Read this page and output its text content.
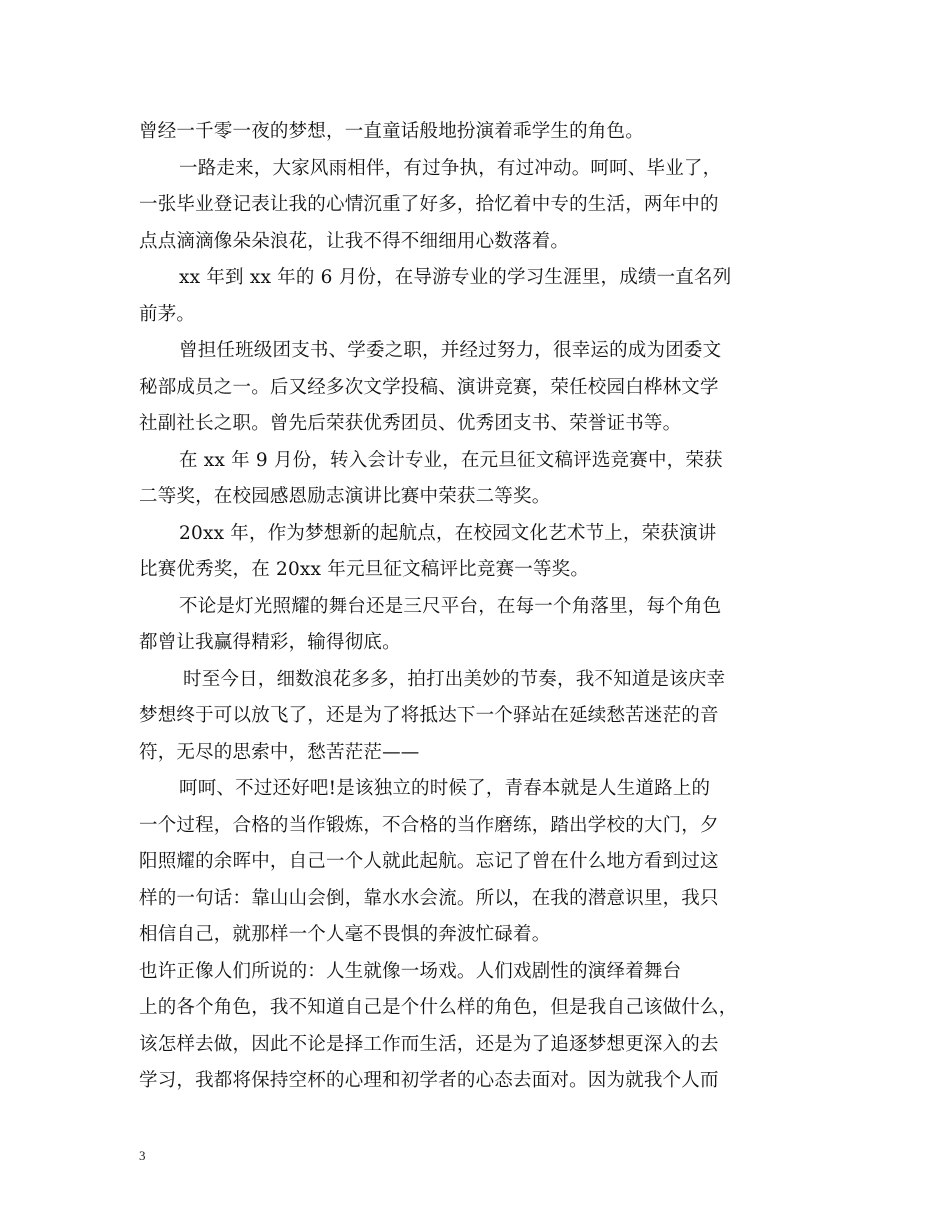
曾经一千零一夜的梦想，一直童话般地扮演着乖学生的角色。
一路走来，大家风雨相伴，有过争执，有过冲动。呵呵、毕业了，
一张毕业登记表让我的心情沉重了好多，拾忆着中专的生活，两年中的
点点滴滴像朵朵浪花，让我不得不细细用心数落着。
xx 年到 xx 年的 6 月份，在导游专业的学习生涯里，成绩一直名列
前茅。
曾担任班级团支书、学委之职，并经过努力，很幸运的成为团委文
秘部成员之一。后又经多次文学投稿、演讲竞赛，荣任校园白桦林文学
社副社长之职。曾先后荣获优秀团员、优秀团支书、荣誉证书等。
在 xx 年 9 月份，转入会计专业，在元旦征文稿评选竞赛中，荣获
二等奖，在校园感恩励志演讲比赛中荣获二等奖。
20xx 年，作为梦想新的起航点，在校园文化艺术节上，荣获演讲
比赛优秀奖，在 20xx 年元旦征文稿评比竞赛一等奖。
不论是灯光照耀的舞台还是三尺平台，在每一个角落里，每个角色
都曾让我赢得精彩，输得彻底。
时至今日，细数浪花多多，拍打出美妙的节奏，我不知道是该庆幸
梦想终于可以放飞了，还是为了将抵达下一个驿站在延续愁苦迷茫的音
符，无尽的思索中，愁苦茫茫——
呵呵、不过还好吧!是该独立的时候了，青春本就是人生道路上的
一个过程，合格的当作锻炼，不合格的当作磨练，踏出学校的大门，夕
阳照耀的余晖中，自己一个人就此起航。忘记了曾在什么地方看到过这
样的一句话：靠山山会倒，靠水水会流。所以，在我的潜意识里，我只
相信自己，就那样一个人毫不畏惧的奔波忙碌着。
也许正像人们所说的：人生就像一场戏。人们戏剧性的演绎着舞台
上的各个角色，我不知道自己是个什么样的角色，但是我自己该做什么，
该怎样去做，因此不论是择工作而生活，还是为了追逐梦想更深入的去
学习，我都将保持空杯的心理和初学者的心态去面对。因为就我个人而
3
